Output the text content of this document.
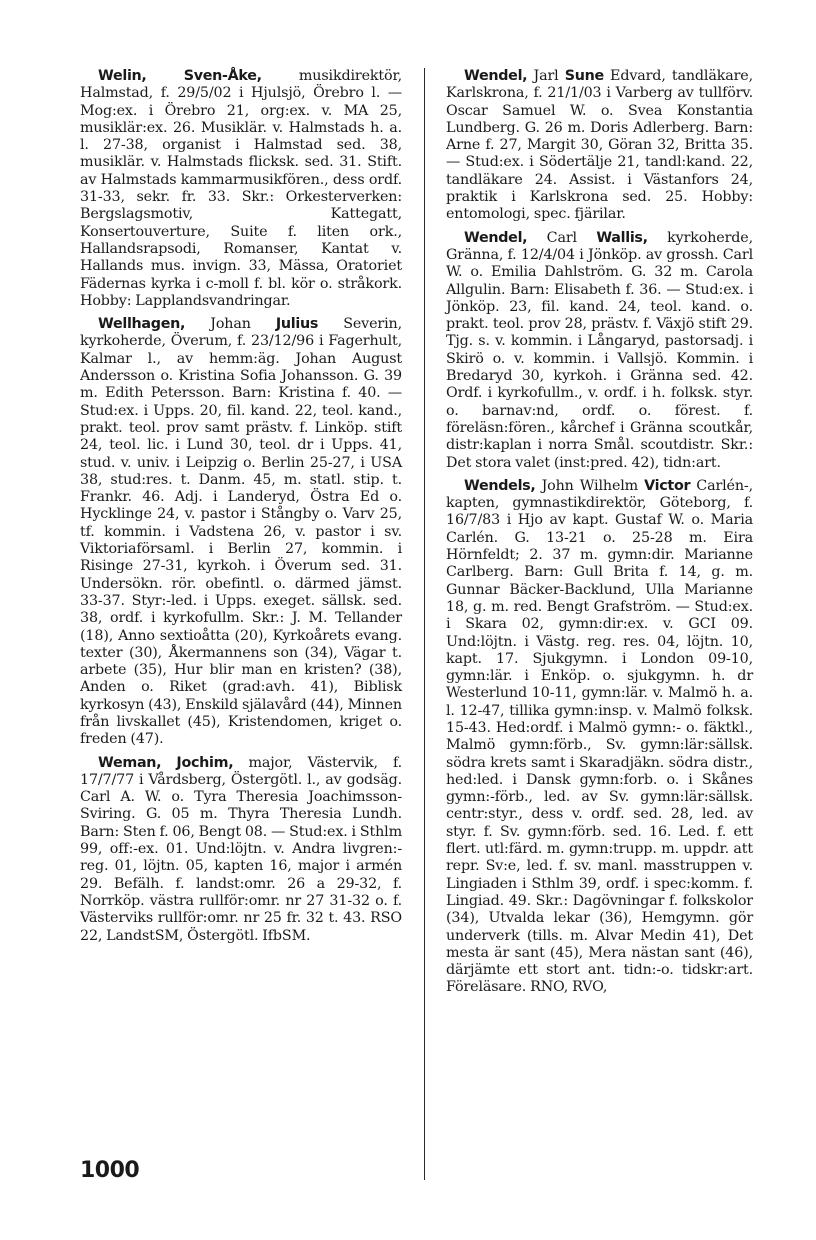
Welin,	Sven-Åke, musikdirektör, Halmstad, f. 29/5/02 i Hjulsjö, Örebro l. — Mog:ex. i Örebro 21, org:ex. v. MA 25, musiklär:ex. 26. Musiklär. v. Halmstads h. a. l. 27-38, organist i Halmstad sed. 38, musiklär. v. Halmstads flicksk. sed. 31. Stift. av Halmstads kammarmusikfören., dess ordf. 31-33, sekr. fr. 33. Skr.: Orkesterverken: Bergslagsmotiv, Kattegatt, Konsertouverture, Suite f. liten ork., Hallandsrapsodi, Romanser, Kantat v. Hallands mus. invign. 33, Mässa, Oratoriet Fädernas kyrka i c-moll f. bl. kör o. stråkork. Hobby: Lapplandsvandringar.

Wellhagen, Johan Julius Severin, kyrkoherde, Överum, f. 23/12/96 i Fagerhult, Kalmar l., av hemm:äg. Johan August Andersson o. Kristina Sofia Johansson. G. 39 m. Edith Petersson. Barn: Kristina f. 40. — Stud:ex. i Upps. 20, fil. kand. 22, teol. kand., prakt. teol. prov samt prästv. f. Linköp. stift 24, teol. lic. i Lund 30, teol. dr i Upps. 41, stud. v. univ. i Leipzig o. Berlin 25-27, i USA 38, stud:res. t. Danm. 45, m. statl. stip. t. Frankr. 46. Adj. i Landeryd, Östra Ed o. Hycklinge 24, v. pastor i Stångby o. Varv 25, tf. kommin. i Vadstena 26, v. pastor i sv. Viktoriaförsaml. i Berlin 27, kommin. i Risinge 27-31, kyrkoh. i Överum sed. 31. Undersökn. rör. obefintl. o. därmed jämst. 33-37. Styr:-led. i Upps. exeget. sällsk. sed. 38, ordf. i kyrkofullm. Skr.: J. M. Tellander (18), Anno sextioåtta (20), Kyrkoårets evang. texter (30), Åkermannens son (34), Vägar t. arbete (35), Hur blir man en kristen? (38), Anden o. Riket (grad:avh. 41), Biblisk kyrkosyn (43), Enskild själavård (44), Minnen från livskallet (45), Kristendomen, kriget o. freden (47).

Weman, Jochim, major, Västervik, f. 17/7/77 i Vårdsberg, Östergötl. l., av godsäg. Carl A. W. o. Tyra Theresia Joachimsson-Sviring. G. 05 m. Thyra Theresia Lundh. Barn: Sten f. 06, Bengt 08. — Stud:ex. i Sthlm 99, off:-ex. 01. Und:löjtn. v. Andra livgren:-reg. 01, löjtn. 05, kapten 16, major i armén 29. Befälh. f. landst:omr. 26 a 29-32, f. Norrköp. västra rullför:omr. nr 27 31-32 o. f. Västerviks rullför:omr. nr 25 fr. 32 t. 43. RSO 22, LandstSM, Östergötl. IfbSM.

Wendel, Jarl Sune Edvard, tandläkare, Karlskrona, f. 21/1/03 i Varberg av tullförv. Oscar Samuel W. o. Svea Konstantia Lundberg. G. 26 m. Doris Adlerberg. Barn: Arne f. 27, Margit 30, Göran 32, Britta 35. — Stud:ex. i Södertälje 21, tandl:kand. 22, tandläkare 24. Assist. i Västanfors 24, praktik i Karlskrona sed. 25. Hobby: entomologi, spec. fjärilar.

Wendel, Carl Wallis, kyrkoherde, Gränna, f. 12/4/04 i Jönköp. av grossh. Carl W. o. Emilia Dahlström. G. 32 m. Carola Allgulin. Barn: Elisabeth f. 36. — Stud:ex. i Jönköp. 23, fil. kand. 24, teol. kand. o. prakt. teol. prov 28, prästv. f. Växjö stift 29. Tjg. s. v. kommin. i Långaryd, pastorsadj. i Skirö o. v. kommin. i Vallsjö. Kommin. i Bredaryd 30, kyrkoh. i Gränna sed. 42. Ordf. i kyrkofullm., v. ordf. i h. folksk. styr. o. barnav:nd, ordf. o. förest. f. föreläsn:fören., kårchef i Gränna scoutkår, distr:kaplan i norra Smål. scoutdistr. Skr.: Det stora valet (inst:pred. 42), tidn:art.

Wendels, John Wilhelm Victor Carlén-, kapten, gymnastikdirektör, Göteborg, f. 16/7/83 i Hjo av kapt. Gustaf W. o. Maria Carlén. G. 13-21 o. 25-28 m. Eira Hörnfeldt; 2. 37 m. gymn:dir. Marianne Carlberg. Barn: Gull Brita f. 14, g. m. Gunnar Bäcker-Backlund, Ulla Marianne 18, g. m. red. Bengt Grafström. — Stud:ex. i Skara 02, gymn:dir:ex. v. GCI 09. Und:löjtn. i Västg. reg. res. 04, löjtn. 10, kapt. 17. Sjukgymn. i London 09-10, gymn:lär. i Enköp. o. sjukgymn. h. dr Westerlund 10-11, gymn:lär. v. Malmö h. a. l. 12-47, tillika gymn:insp. v. Malmö folksk. 15-43. Hed:ordf. i Malmö gymn:- o. fäktkl., Malmö gymn:förb., Sv. gymn:lär:sällsk. södra krets samt i Skaradjäkn. södra distr., hed:led. i Dansk gymn:forb. o. i Skånes gymn:-förb., led. av Sv. gymn:lär:sällsk. centr:styr., dess v. ordf. sed. 28, led. av styr. f. Sv. gymn:förb. sed. 16. Led. f. ett flert. utl:färd. m. gymn:trupp. m. uppdr. att repr. Sv:e, led. f. sv. manl. masstruppen v. Lingiaden i Sthlm 39, ordf. i spec:komm. f. Lingiad. 49. Skr.: Dagövningar f. folkskolor (34), Utvalda lekar (36), Hemgymn. gör underverk (tills. m. Alvar Medin 41), Det mesta är sant (45), Mera nästan sant (46), därjämte ett stort ant. tidn:-o. tidskr:art. Föreläsare. RNO, RVO,

1000
